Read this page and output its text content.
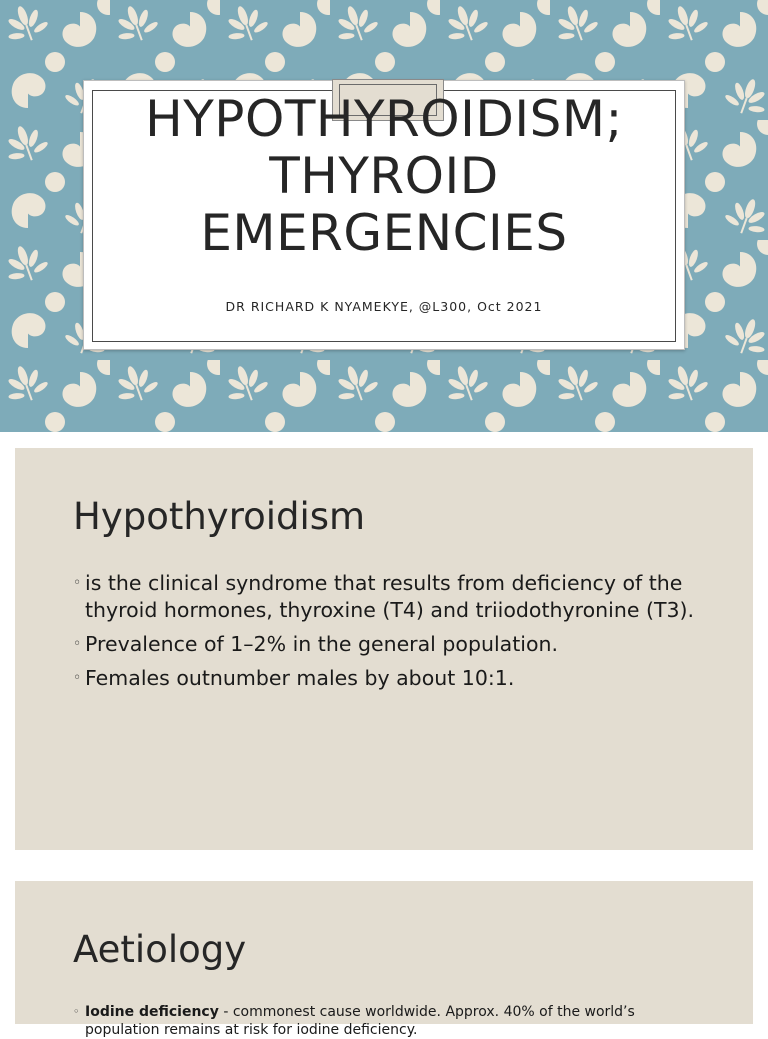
HYPOTHYROIDISM;
THYROID
EMERGENCIES
DR RICHARD K NYAMEKYE, @L300, Oct 2021
Hypothyroidism
◦ is the clinical syndrome that results from deficiency of the thyroid hormones, thyroxine (T4) and triiodothyronine (T3).
◦ Prevalence of 1–2% in the general population.
◦ Females outnumber males by about 10:1.
Aetiology
◦ Iodine deficiency - commonest cause worldwide. Approx. 40% of the world’s population remains at risk for iodine deficiency.
